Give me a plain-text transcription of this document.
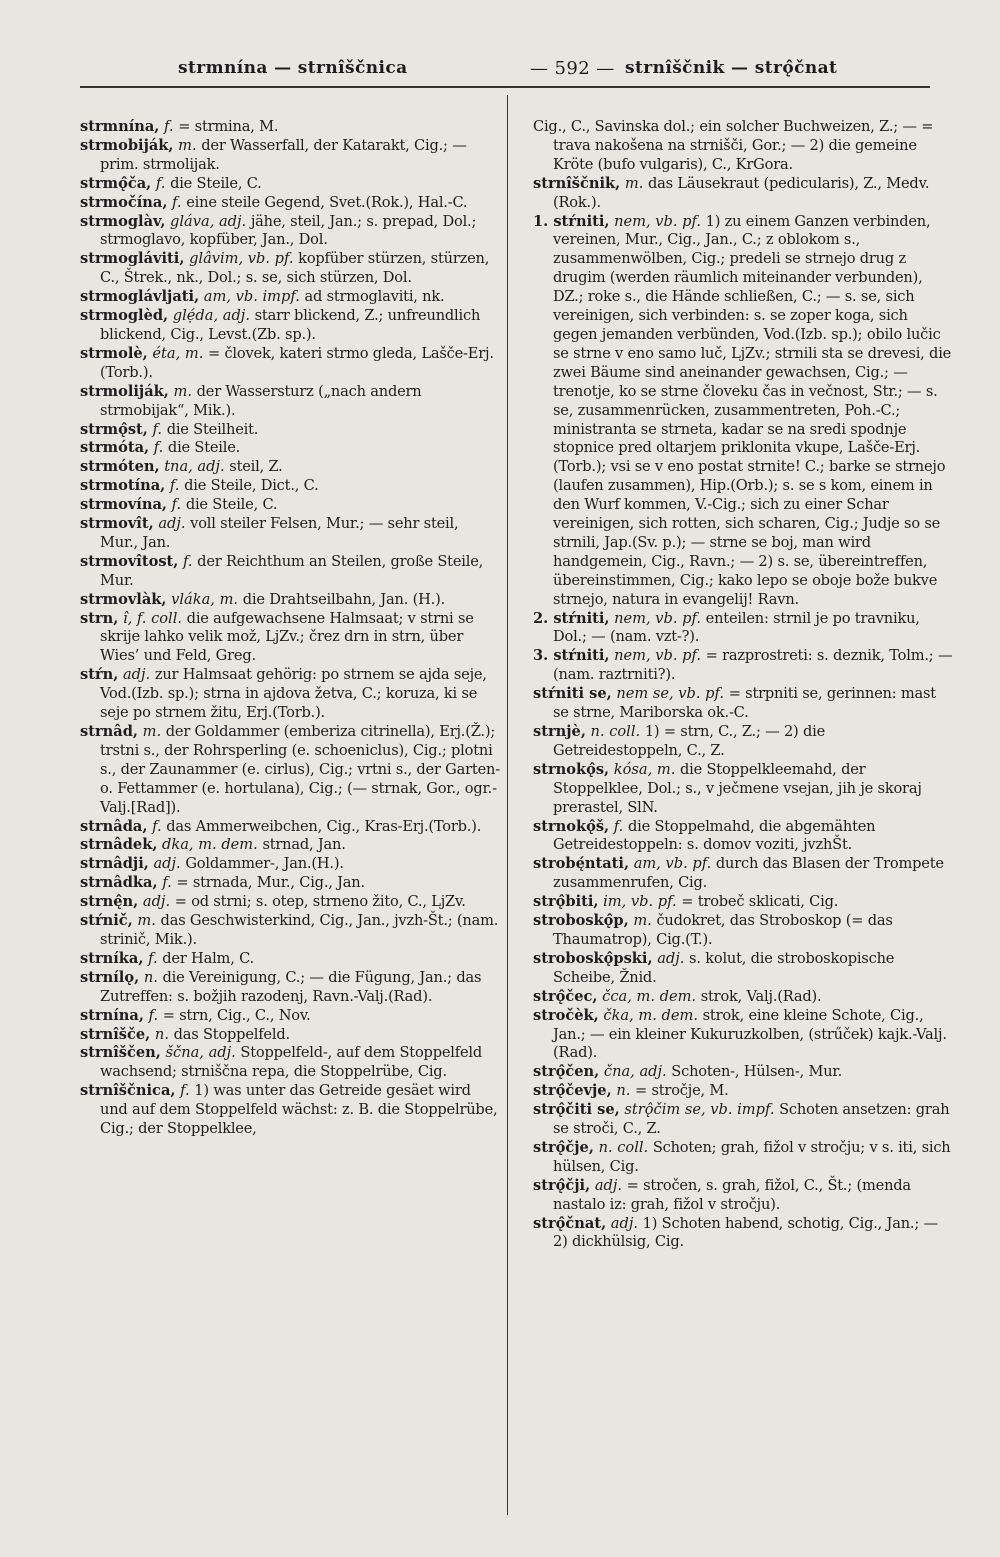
strmnína — strnîščnica	— 592 — strnîščnik — strǫ̂čnat
strmnína, f. = strmina, M.
strmobiják, m. der Wasserfall, der Katarakt, Cig.; — prim. strmolijak.
strmǫ̂ča, f. die Steile, C.
strmočína, f. eine steile Gegend, Svet.(Rok.), Hal.-C.
strmoglàv, gláva, adj. jähe, steil, Jan.; s. prepad, Dol.; strmoglavo, kopfüber, Jan., Dol.
strmogláviti, glâvim, vb. pf. kopfüber stürzen, stürzen, C., Štrek., nk., Dol.; s. se, sich stürzen, Dol.
strmoglávljati, am, vb. impf. ad strmoglaviti, nk.
strmoglèd, glẹ́da, adj. starr blickend, Z.; unfreundlich blickend, Cig., Levst.(Zb. sp.).
strmolè, éta, m. = človek, kateri strmo gleda, Lašče-Erj.(Torb.).
strmoliják, m. der Wassersturz („nach andern strmobijak“, Mik.).
strmǫ̂st, f. die Steilheit.
strmóta, f. die Steile.
strmóten, tna, adj. steil, Z.
strmotína, f. die Steile, Dict., C.
strmovína, f. die Steile, C.
strmovît, adj. voll steiler Felsen, Mur.; — sehr steil, Mur., Jan.
strmovîtost, f. der Reichthum an Steilen, große Steile, Mur.
strmovlàk, vláka, m. die Drahtseilbahn, Jan. (H.).
strn, î, f. coll. die aufgewachsene Halmsaat; v strni se skrije lahko velik mož, LjZv.; črez drn in strn, über Wies’ und Feld, Greg.
stŕn, adj. zur Halmsaat gehörig: po strnem se ajda seje, Vod.(Izb. sp.); strna in ajdova žetva, C.; koruza, ki se seje po strnem žitu, Erj.(Torb.).
strnâd, m. der Goldammer (emberiza citrinella), Erj.(Ž.); trstni s., der Rohrsperling (e. schoeniclus), Cig.; plotni s., der Zaunammer (e. cirlus), Cig.; vrtni s., der Garten- o. Fettammer (e. hortulana), Cig.; (— strnak, Gor., ogr.-Valj.[Rad]).
strnâda, f. das Ammerweibchen, Cig., Kras-Erj.(Torb.).
strnâdek, dka, m. dem. strnad, Jan.
strnâdji, adj. Goldammer-, Jan.(H.).
strnâdka, f. = strnada, Mur., Cig., Jan.
strnę̂n, adj. = od strni; s. otep, strneno žito, C., LjZv.
stŕnič, m. das Geschwisterkind, Cig., Jan., jvzh-Št.; (nam. strinič, Mik.).
strníka, f. der Halm, C.
strnílǫ, n. die Vereinigung, C.; — die Fügung, Jan.; das Zutreffen: s. božjih razodenj, Ravn.-Valj.(Rad).
strnína, f. = strn, Cig., C., Nov.
strnîšče, n. das Stoppelfeld.
strnîščen, ščna, adj. Stoppelfeld-, auf dem Stoppelfeld wachsend; strniščna repa, die Stoppelrübe, Cig.
strnîščnica, f. 1) was unter das Getreide gesäet wird und auf dem Stoppelfeld wächst: z. B. die Stoppelrübe, Cig.; der Stoppelklee,
Cig., C., Savinska dol.; ein solcher Buchweizen, Z.; — = trava nakošena na strnišči, Gor.; — 2) die gemeine Kröte (bufo vulgaris), C., KrGora.
strnîščnik, m. das Läusekraut (pedicularis), Z., Medv.(Rok.).
1. stŕniti, nem, vb. pf. 1) zu einem Ganzen verbinden, vereinen, Mur., Cig., Jan., C.; z oblokom s., zusammenwölben, Cig.; predeli se strnejo drug z drugim (werden räumlich miteinander verbunden), DZ.; roke s., die Hände schließen, C.; — s. se, sich vereinigen, sich verbinden: s. se zoper koga, sich gegen jemanden verbünden, Vod.(Izb. sp.); obilo lučic se strne v eno samo luč, LjZv.; strnili sta se drevesi, die zwei Bäume sind aneinander gewachsen, Cig.; — trenotje, ko se strne človeku čas in večnost, Str.; — s. se, zusammenrücken, zusammentreten, Poh.-C.; ministranta se strneta, kadar se na sredi spodnje stopnice pred oltarjem priklonita vkupe, Lašče-Erj.(Torb.); vsi se v eno postat strnite! C.; barke se strnejo (laufen zusammen), Hip.(Orb.); s. se s kom, einem in den Wurf kommen, V.-Cig.; sich zu einer Schar vereinigen, sich rotten, sich scharen, Cig.; Judje so se strnili, Jap.(Sv. p.); — strne se boj, man wird handgemein, Cig., Ravn.; — 2) s. se, übereintreffen, übereinstimmen, Cig.; kako lepo se oboje bože bukve strnejo, natura in evangelij! Ravn.
2. stŕniti, nem, vb. pf. enteilen: strnil je po travniku, Dol.; — (nam. vzt-?).
3. stŕniti, nem, vb. pf. = razprostreti: s. deznik, Tolm.; — (nam. raztrniti?).
stŕniti se, nem se, vb. pf. = strpniti se, gerinnen: mast se strne, Mariborska ok.-C.
strnjè, n. coll. 1) = strn, C., Z.; — 2) die Getreidestoppeln, C., Z.
strnokǫ̂s, kósa, m. die Stoppelkleemahd, der Stoppelklee, Dol.; s., v ječmene vsejan, jih je skoraj prerastel, SlN.
strnokǫ̂š, f. die Stoppelmahd, die abgemähten Getreidestoppeln: s. domov voziti, jvzhŠt.
strobę́ntati, am, vb. pf. durch das Blasen der Trompete zusammenrufen, Cig.
strǫ̂biti, im, vb. pf. = trobeč sklicati, Cig.
stroboskǫ̂p, m. čudokret, das Stroboskop (= das Thaumatrop), Cig.(T.).
stroboskǫ̂pski, adj. s. kolut, die stroboskopische Scheibe, Žnid.
strǫ̂čec, čca, m. dem. strok, Valj.(Rad).
stročèk, čka, m. dem. strok, eine kleine Schote, Cig., Jan.; — ein kleiner Kukuruzkolben, (strűček) kajk.-Valj.(Rad).
strǫ̂čen, čna, adj. Schoten-, Hülsen-, Mur.
strǫ̂čevje, n. = stročje, M.
strǫ̂čiti se, strǫ̂čim se, vb. impf. Schoten ansetzen: grah se stroči, C., Z.
strǫ̂čje, n. coll. Schoten; grah, fižol v stročju; v s. iti, sich hülsen, Cig.
strǫ̂čji, adj. = stročen, s. grah, fižol, C., Št.; (menda nastalo iz: grah, fižol v stročju).
strǫ̂čnat, adj. 1) Schoten habend, schotig, Cig., Jan.; — 2) dickhülsig, Cig.
